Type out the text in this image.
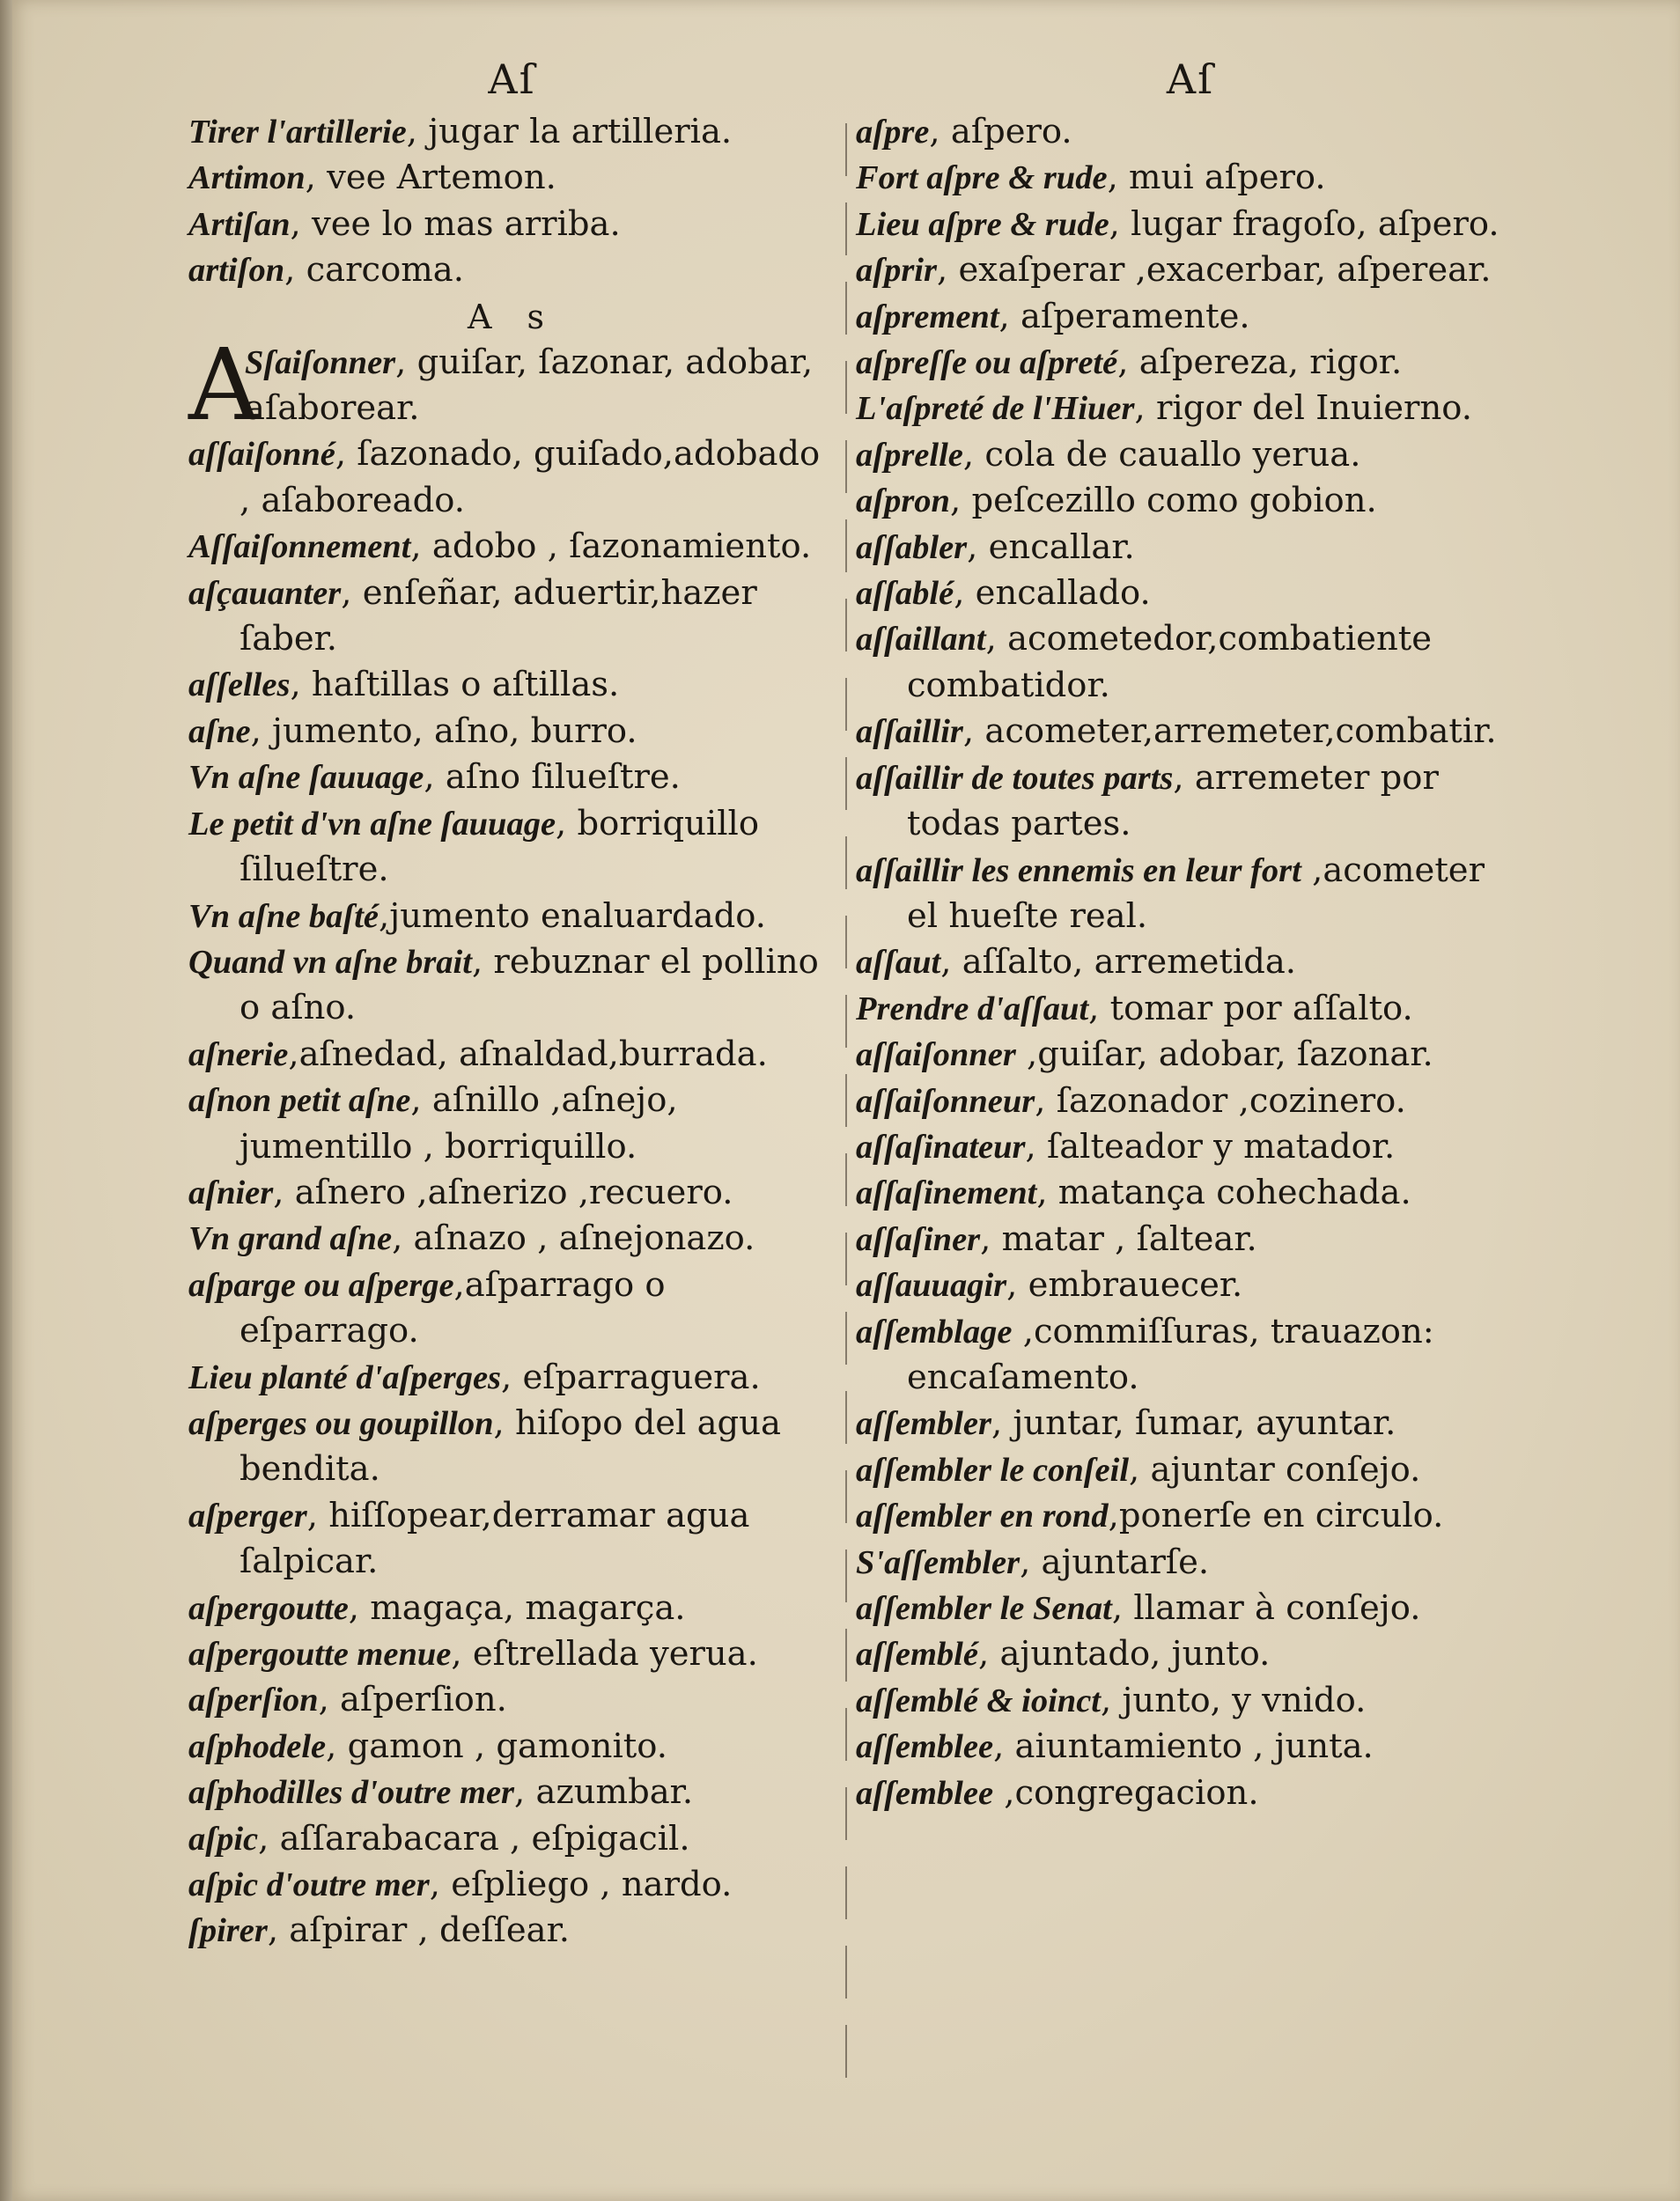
Aſ
Tirer l'artillerie, jugar la artilleria.
Artimon, vee Artemon.
Artiſan, vee lo mas arriba.
artiſon, carcoma.
A s
A
Sſaiſonner, guiſar, ſazonar, adobar, aſaborear.
aſſaiſonné, ſazonado, guiſado,adobado , aſaboreado.
Aſſaiſonnement, adobo , ſazonamiento.
aſçauanter, enſeñar, aduertir,hazer ſaber.
aſſelles, haſtillas o aſtillas.
aſne, jumento, aſno, burro.
Vn aſne ſauuage, aſno ſilueſtre.
Le petit d'vn aſne ſauuage, borriquillo ſilueſtre.
Vn aſne baſté,jumento enaluardado.
Quand vn aſne brait, rebuznar el pollino o aſno.
aſnerie,aſnedad, aſnaldad,burrada.
aſnon petit aſne, aſnillo ,aſnejo, jumentillo , borriquillo.
aſnier, aſnero ,aſnerizo ,recuero.
Vn grand aſne, aſnazo , aſnejonazo.
aſparge ou aſperge,aſparrago o eſparrago.
Lieu planté d'aſperges, eſparraguera.
aſperges ou goupillon, hiſopo del agua bendita.
aſperger, hiſſopear,derramar agua ſalpicar.
aſpergoutte, magaça, magarça.
aſpergoutte menue, eſtrellada yerua.
aſperſion, aſperſion.
aſphodele, gamon , gamonito.
aſphodilles d'outre mer, azumbar.
aſpic, aſſarabacara , eſpigacil.
aſpic d'outre mer, eſpliego , nardo.
ſpirer, aſpirar , deſſear.
Aſ
aſpre, aſpero.
Fort aſpre & rude, mui aſpero.
Lieu aſpre & rude, lugar fragoſo, aſpero.
aſprir, exaſperar ,exacerbar, aſperear.
aſprement, aſperamente.
aſpreſſe ou aſpreté, aſpereza, rigor.
L'aſpreté de l'Hiuer, rigor del Inuierno.
aſprelle, cola de cauallo yerua.
aſpron, peſcezillo como gobion.
aſſabler, encallar.
aſſablé, encallado.
aſſaillant, acometedor,combatiente combatidor.
aſſaillir, acometer,arremeter,combatir.
aſſaillir de toutes parts, arremeter por todas partes.
aſſaillir les ennemis en leur fort ,acometer el hueſte real.
aſſaut, aſſalto, arremetida.
Prendre d'aſſaut, tomar por aſſalto.
aſſaiſonner ,guiſar, adobar, ſazonar.
aſſaiſonneur, ſazonador ,cozinero.
aſſaſinateur, ſalteador y matador.
aſſaſinement, matança cohechada.
aſſaſiner, matar , ſaltear.
aſſauuagir, embrauecer.
aſſemblage ,commiſſuras, trauazon: encaſamento.
aſſembler, juntar, ſumar, ayuntar.
aſſembler le conſeil, ajuntar conſejo.
aſſembler en rond,ponerſe en circulo.
S'aſſembler, ajuntarſe.
aſſembler le Senat, llamar à conſejo.
aſſemblé, ajuntado, junto.
aſſemblé & ioinct, junto, y vnido.
aſſemblee, aiuntamiento , junta.
aſſemblee ,congregacion.
